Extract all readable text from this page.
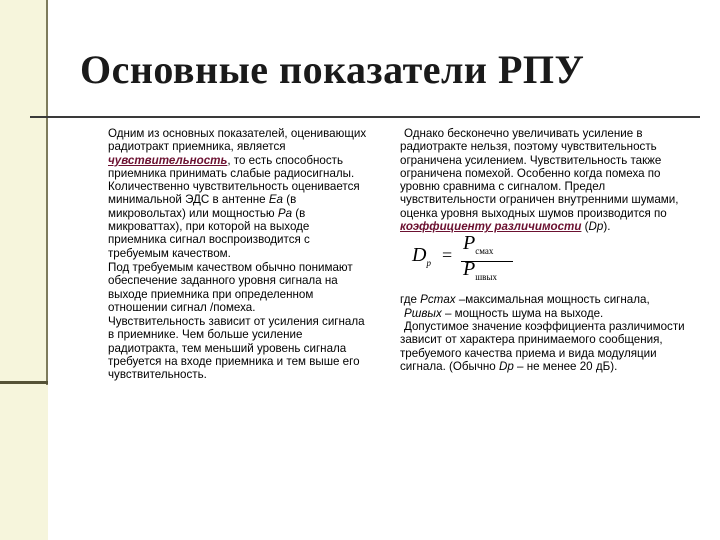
Основные показатели РПУ

Одним из основных показателей, оценивающих радиотракт приемника, является чувствительность, то есть способность приемника принимать слабые радиосигналы. Количественно чувствительность оценивается минимальной ЭДС в антенне Еа (в микровольтах) или мощностью Ра (в микроваттах), при которой на выходе приемника сигнал воспроизводится с требуемым качеством.

Под требуемым качеством обычно понимают обеспечение заданного уровня сигнала на выходе приемника при определенном отношении сигнал /помеха.

Чувствительность зависит от усиления сигнала в приемнике. Чем больше усиление радиотракта, тем меньший уровень сигнала требуется на входе приемника и тем выше его чувствительность.

Однако бесконечно увеличивать усиление в радиотракте нельзя, поэтому чувствительность ограничена усилением. Чувствительность также ограничена помехой. Особенно когда помеха по уровню сравнима с сигналом. Предел чувствительности ограничен внутренними шумами, оценка уровня выходных шумов производится по коэффициенту различимости (Dp).

$D_р$ =
$P_{смах}$
$P_{швых}$

где Pcmax –максимальная мощность сигнала,

Pшвых – мощность шума на выходе.

Допустимое значение коэффициента различимости зависит от характера принимаемого сообщения, требуемого качества приема и вида модуляции сигнала. (Обычно Dp – не менее 20 дБ).
